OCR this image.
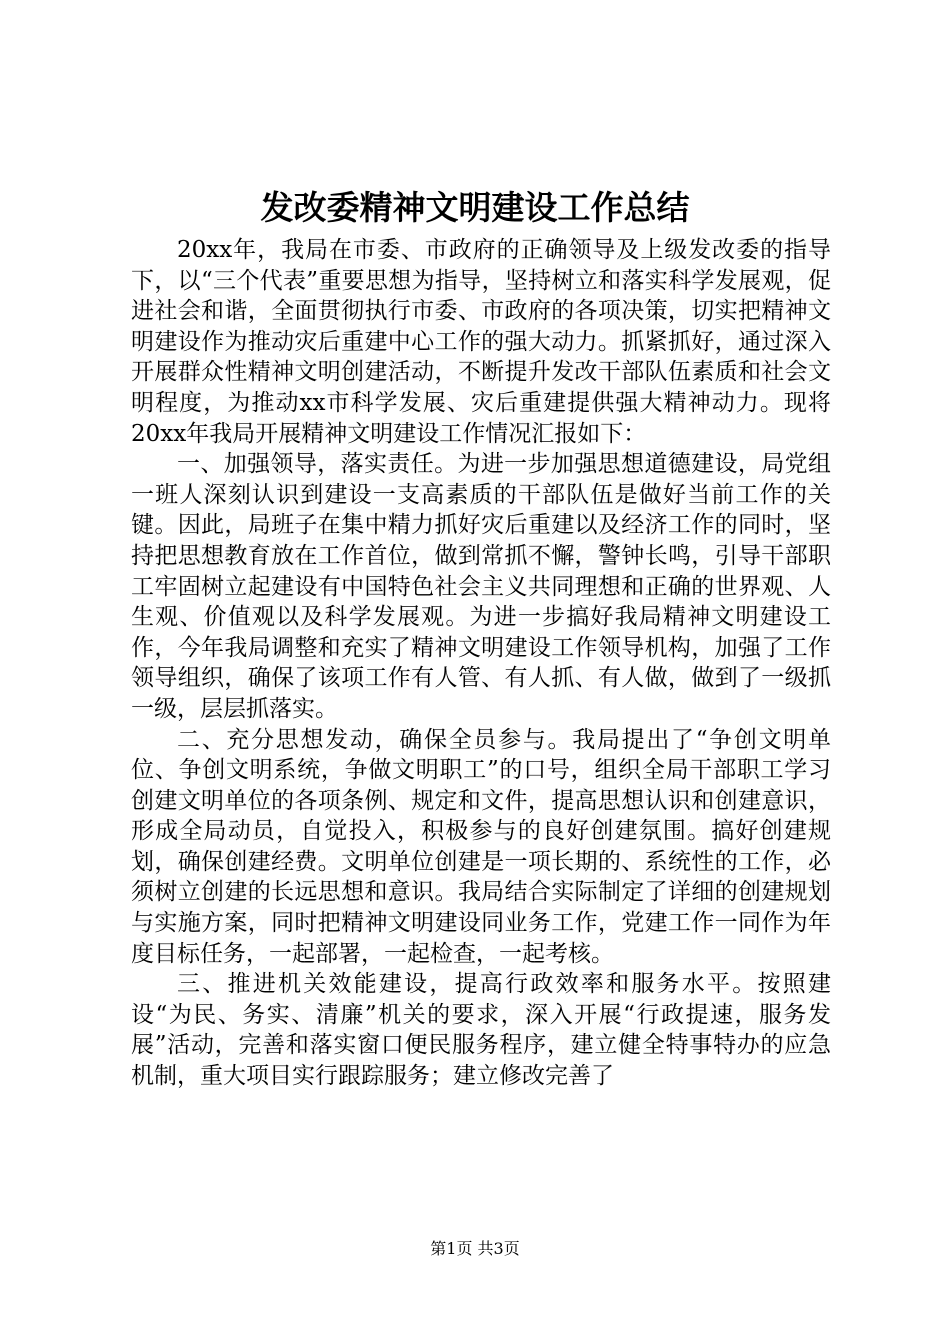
发改委精神文明建设工作总结

20xx年，我局在市委、市政府的正确领导及上级发改委的指导下，以“三个代表”重要思想为指导，坚持树立和落实科学发展观，促进社会和谐，全面贯彻执行市委、市政府的各项决策，切实把精神文明建设作为推动灾后重建中心工作的强大动力。抓紧抓好，通过深入开展群众性精神文明创建活动，不断提升发改干部队伍素质和社会文明程度，为推动xx市科学发展、灾后重建提供强大精神动力。现将20xx年我局开展精神文明建设工作情况汇报如下：

一、加强领导，落实责任。为进一步加强思想道德建设，局党组一班人深刻认识到建设一支高素质的干部队伍是做好当前工作的关键。因此，局班子在集中精力抓好灾后重建以及经济工作的同时，坚持把思想教育放在工作首位，做到常抓不懈，警钟长鸣，引导干部职工牢固树立起建设有中国特色社会主义共同理想和正确的世界观、人生观、价值观以及科学发展观。为进一步搞好我局精神文明建设工作，今年我局调整和充实了精神文明建设工作领导机构，加强了工作领导组织，确保了该项工作有人管、有人抓、有人做，做到了一级抓一级，层层抓落实。

二、充分思想发动，确保全员参与。我局提出了“争创文明单位、争创文明系统，争做文明职工”的口号，组织全局干部职工学习创建文明单位的各项条例、规定和文件，提高思想认识和创建意识，形成全局动员，自觉投入，积极参与的良好创建氛围。搞好创建规划，确保创建经费。文明单位创建是一项长期的、系统性的工作，必须树立创建的长远思想和意识。我局结合实际制定了详细的创建规划与实施方案，同时把精神文明建设同业务工作，党建工作一同作为年度目标任务，一起部署，一起检查，一起考核。

三、推进机关效能建设，提高行政效率和服务水平。按照建设“为民、务实、清廉”机关的要求，深入开展“行政提速，服务发展”活动，完善和落实窗口便民服务程序，建立健全特事特办的应急机制，重大项目实行跟踪服务；建立修改完善了

第1页 共3页
